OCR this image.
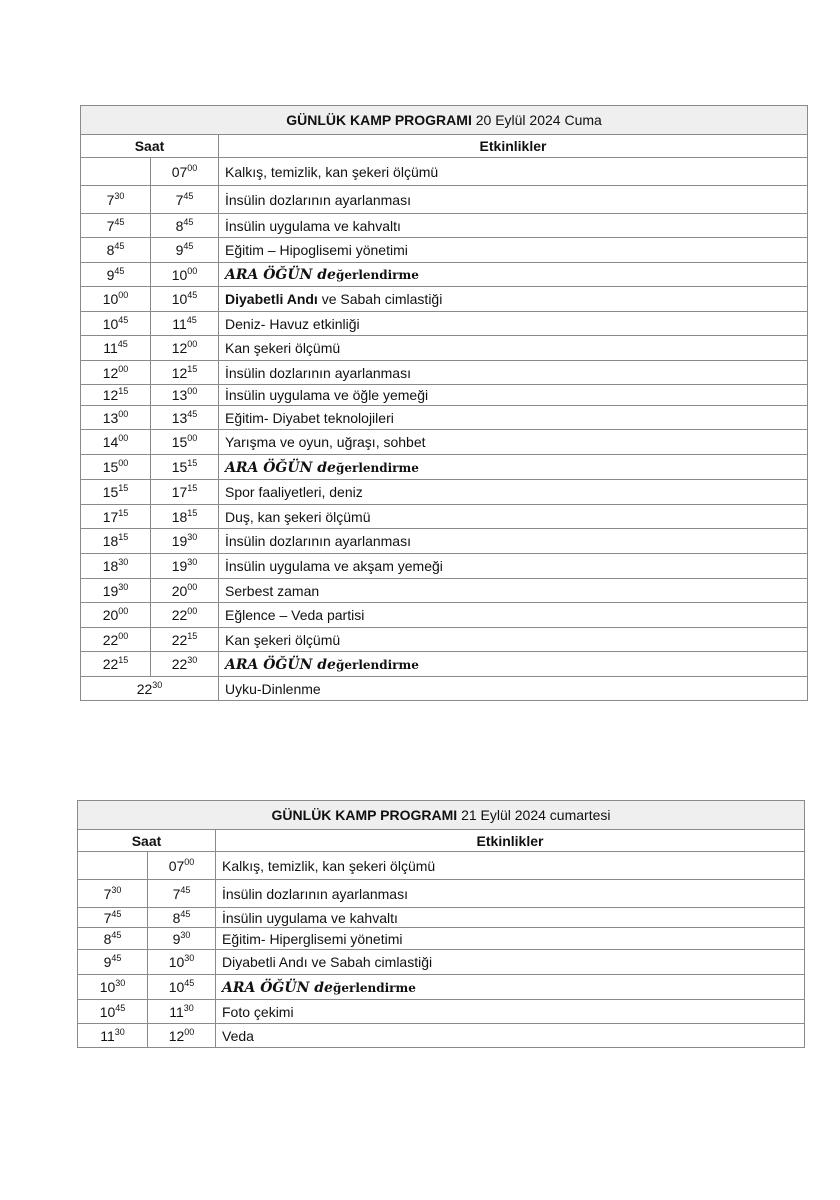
GÜNLÜK KAMP PROGRAMI 20 Eylül 2024 Cuma		
Saat		Etkinlikler
	$07^{00}$	Kalkış, temizlik, kan şekeri ölçümü
$7^{30}$	$7^{45}$	İnsülin dozlarının ayarlanması
$7^{45}$	$8^{45}$	İnsülin uygulama ve kahvaltı
$8^{45}$	$9^{45}$	Eğitim – Hipoglisemi yönetimi
$9^{45}$	$10^{00}$	ARA ÖĞÜN değerlendirme
$10^{00}$	$10^{45}$	Diyabetli Andı ve Sabah cimlastiği
$10^{45}$	$11^{45}$	Deniz- Havuz etkinliği
$11^{45}$	$12^{00}$	Kan şekeri ölçümü
$12^{00}$	$12^{15}$	İnsülin dozlarının ayarlanması
$12^{15}$	$13^{00}$	İnsülin uygulama ve öğle yemeği
$13^{00}$	$13^{45}$	Eğitim- Diyabet teknolojileri
$14^{00}$	$15^{00}$	Yarışma ve oyun, uğraşı, sohbet
$15^{00}$	$15^{15}$	ARA ÖĞÜN değerlendirme
$15^{15}$	$17^{15}$	Spor faaliyetleri, deniz
$17^{15}$	$18^{15}$	Duş, kan şekeri ölçümü
$18^{15}$	$19^{30}$	İnsülin dozlarının ayarlanması
$18^{30}$	$19^{30}$	İnsülin uygulama ve akşam yemeği
$19^{30}$	$20^{00}$	Serbest zaman
$20^{00}$	$22^{00}$	Eğlence – Veda partisi
$22^{00}$	$22^{15}$	Kan şekeri ölçümü
$22^{15}$	$22^{30}$	ARA ÖĞÜN değerlendirme
$22^{30}$		Uyku-Dinlenme
GÜNLÜK KAMP PROGRAMI 21 Eylül 2024 cumartesi		
Saat		Etkinlikler
	$07^{00}$	Kalkış, temizlik, kan şekeri ölçümü
$7^{30}$	$7^{45}$	İnsülin dozlarının ayarlanması
$7^{45}$	$8^{45}$	İnsülin uygulama ve kahvaltı
$8^{45}$	$9^{30}$	Eğitim- Hiperglisemi yönetimi
$9^{45}$	$10^{30}$	Diyabetli Andı ve Sabah cimlastiği
$10^{30}$	$10^{45}$	ARA ÖĞÜN değerlendirme
$10^{45}$	$11^{30}$	Foto çekimi
$11^{30}$	$12^{00}$	Veda
